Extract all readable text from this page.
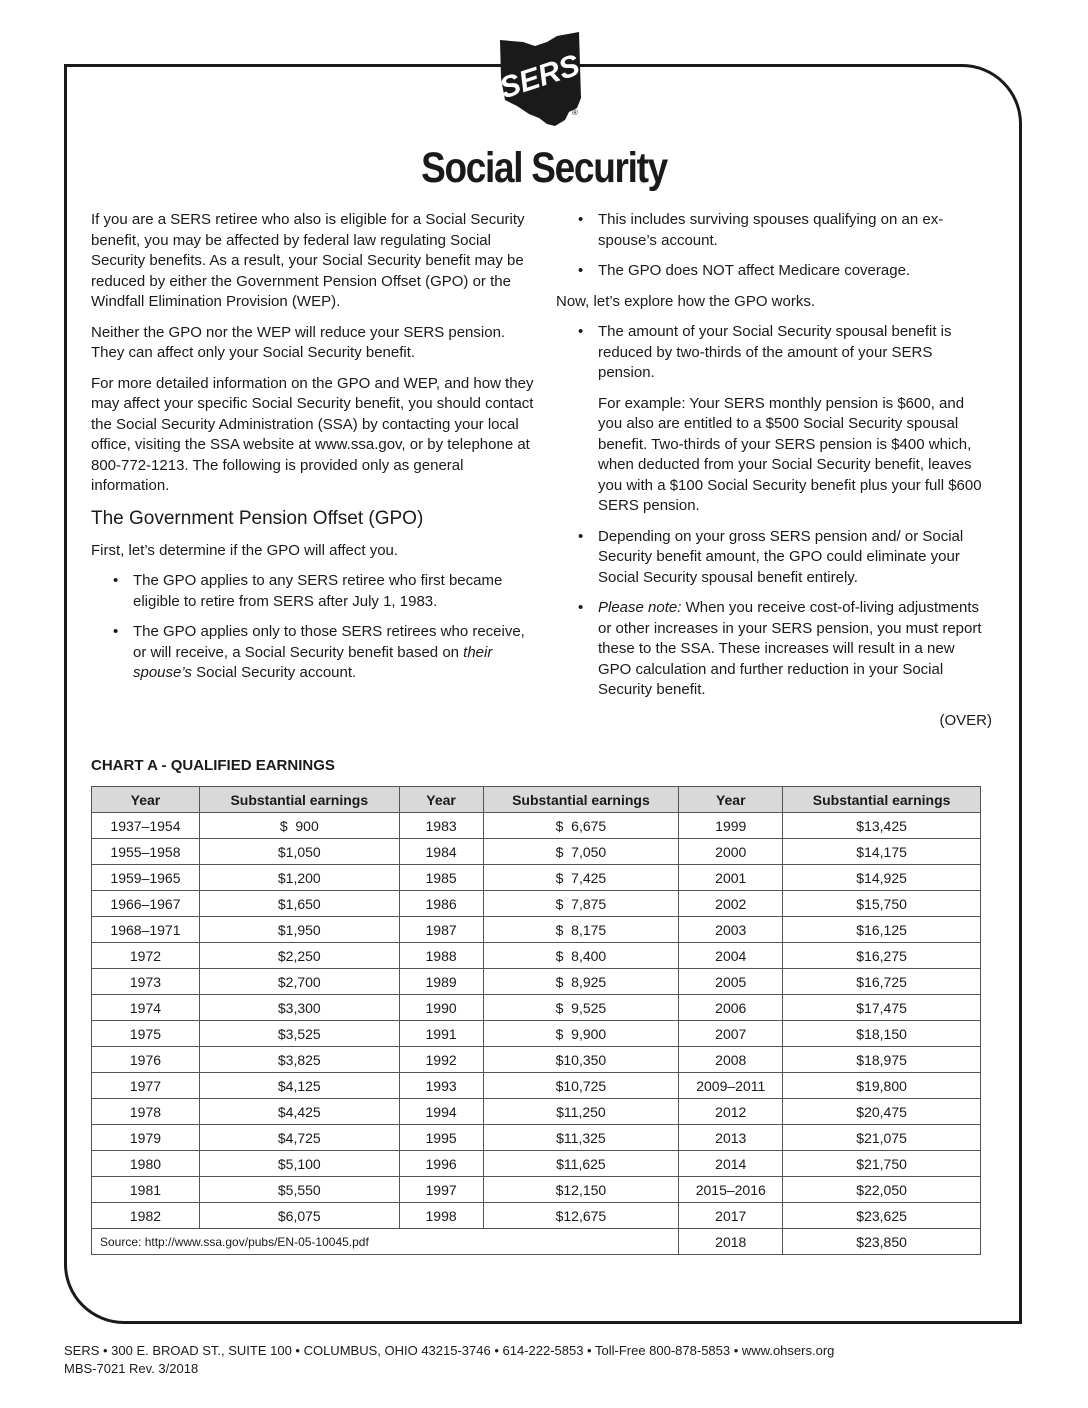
SERS
®
Social Security

If you are a SERS retiree who also is eligible for a Social Security benefit, you may be affected by federal law regulating Social Security benefits. As a result, your Social Security benefit may be reduced by either the Government Pension Offset (GPO) or the Windfall Elimination Provision (WEP).

Neither the GPO nor the WEP will reduce your SERS pension. They can affect only your Social Security benefit.

For more detailed information on the GPO and WEP, and how they may affect your specific Social Security benefit, you should contact the Social Security Administration (SSA) by contacting your local office, visiting the SSA website at www.ssa.gov, or by telephone at 800-772-1213. The following is provided only as general information.

The Government Pension Offset (GPO)

First, let’s determine if the GPO will affect you.

• The GPO applies to any SERS retiree who first became eligible to retire from SERS after July 1, 1983.
• The GPO applies only to those SERS retirees who receive, or will receive, a Social Security benefit based on their spouse’s Social Security account.
• This includes surviving spouses qualifying on an ex-spouse’s account.
• The GPO does NOT affect Medicare coverage.

Now, let’s explore how the GPO works.

• The amount of your Social Security spousal benefit is reduced by two-thirds of the amount of your SERS pension.

For example: Your SERS monthly pension is $600, and you also are entitled to a $500 Social Security spousal benefit. Two-thirds of your SERS pension is $400 which, when deducted from your Social Security benefit, leaves you with a $100 Social Security benefit plus your full $600 SERS pension.

• Depending on your gross SERS pension and/ or Social Security benefit amount, the GPO could eliminate your Social Security spousal benefit entirely.
• Please note: When you receive cost-of-living adjustments or other increases in your SERS pension, you must report these to the SSA. These increases will result in a new GPO calculation and further reduction in your Social Security benefit.

(OVER)

CHART A - QUALIFIED EARNINGS
Year	Substantial earnings	Year	Substantial earnings	Year	Substantial earnings
1937–1954	$  900	1983	$  6,675	1999	$13,425
1955–1958	$1,050	1984	$  7,050	2000	$14,175
1959–1965	$1,200	1985	$  7,425	2001	$14,925
1966–1967	$1,650	1986	$  7,875	2002	$15,750
1968–1971	$1,950	1987	$  8,175	2003	$16,125
1972	$2,250	1988	$  8,400	2004	$16,275
1973	$2,700	1989	$  8,925	2005	$16,725
1974	$3,300	1990	$  9,525	2006	$17,475
1975	$3,525	1991	$  9,900	2007	$18,150
1976	$3,825	1992	$10,350	2008	$18,975
1977	$4,125	1993	$10,725	2009–2011	$19,800
1978	$4,425	1994	$11,250	2012	$20,475
1979	$4,725	1995	$11,325	2013	$21,075
1980	$5,100	1996	$11,625	2014	$21,750
1981	$5,550	1997	$12,150	2015–2016	$22,050
1982	$6,075	1998	$12,675	2017	$23,625
Source: http://www.ssa.gov/pubs/EN-05-10045.pdf				2018	$23,850
SERS • 300 E. BROAD ST., SUITE 100 • COLUMBUS, OHIO 43215-3746 • 614-222-5853 • Toll-Free 800-878-5853 • www.ohsers.org
MBS-7021 Rev. 3/2018
